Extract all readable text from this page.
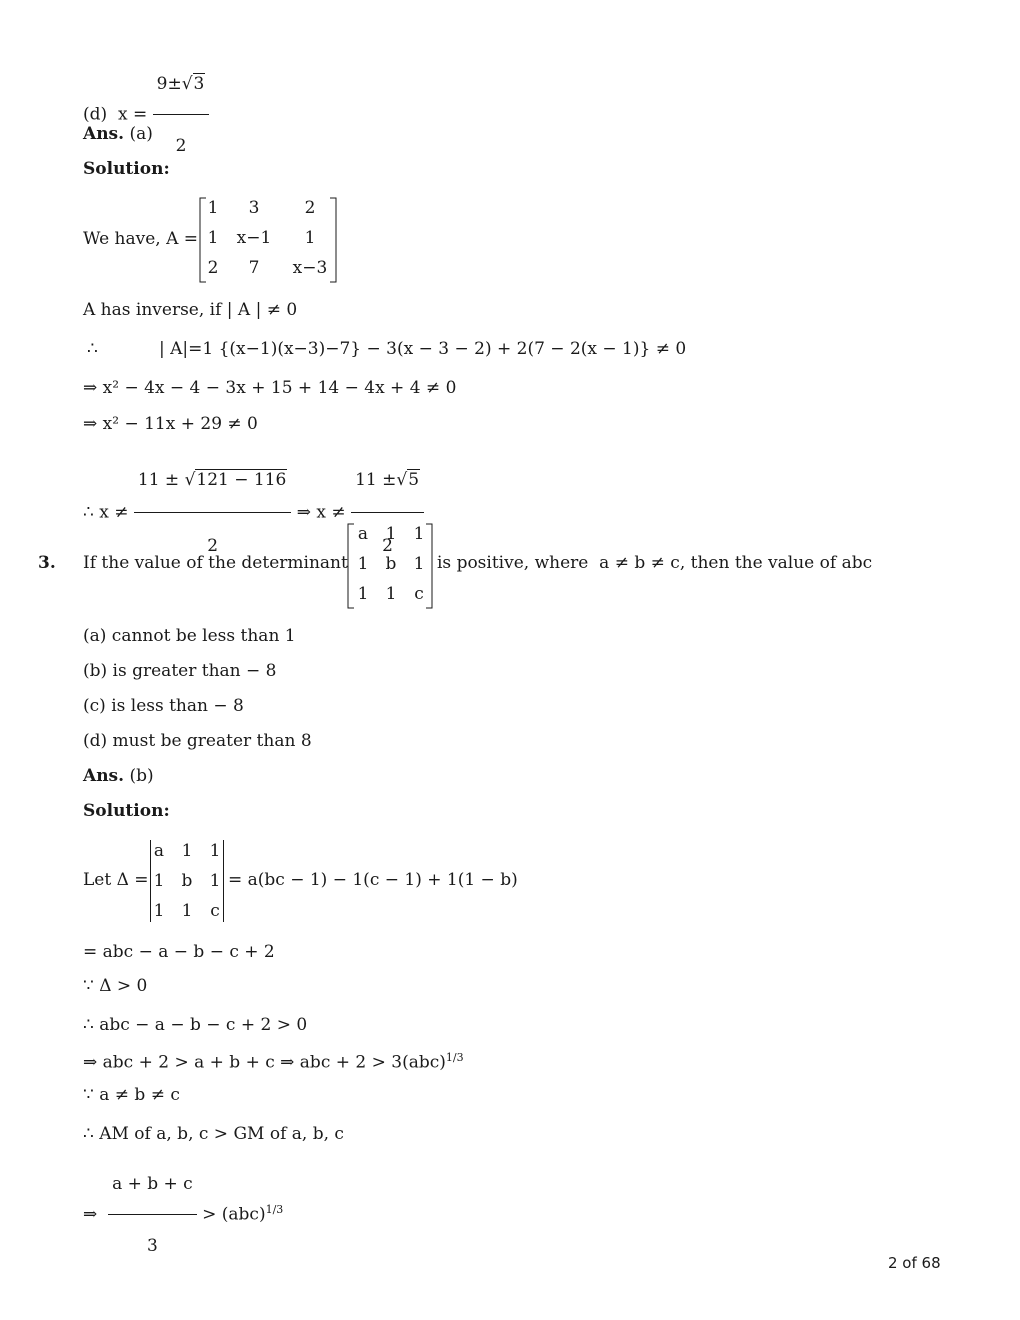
(d) $x = \frac{9\pm√3}{2}$
Ans. (a)
Solution:
We have, A =
1	3	2
1	x−1	1
2	7	x−3
A has inverse, if | A | ≠ 0
∴	| A|=1 {(x−1)(x−3)−7} − 3(x − 3 − 2) + 2(7 − 2(x − 1)} ≠ 0
⇒ x² − 4x − 4 − 3x + 15 + 14 − 4x + 4 ≠ 0
⇒ x² − 11x + 29 ≠ 0
∴ $x \ne \frac{11 \pm √121 - 116}{2}$ ⇒ $x \ne \frac{11 \pm√5}{2}$
3. If the value of the determinant
a	1	1
1	b	1
1	1	c
is positive, where a ≠ b ≠ c, then the value of abc
(a) cannot be less than 1
(b) is greater than − 8
(c) is less than − 8
(d) must be greater than 8
Ans. (b)
Solution:
Let Δ =
a	1	1
1	b	1
1	1	c
= a(bc − 1) − 1(c − 1) + 1(1 − b)
= abc − a − b − c + 2
∵ Δ > 0
∴ abc − a − b − c + 2 > 0
⇒ abc + 2 > a + b + c ⇒ abc + 2 > 3(abc)$^{1/3}$
∵ a ≠ b ≠ c
∴ AM of a, b, c > GM of a, b, c
⇒ $\frac{a + b + c}{3} > (abc)^{1/3}$
2 of 68
